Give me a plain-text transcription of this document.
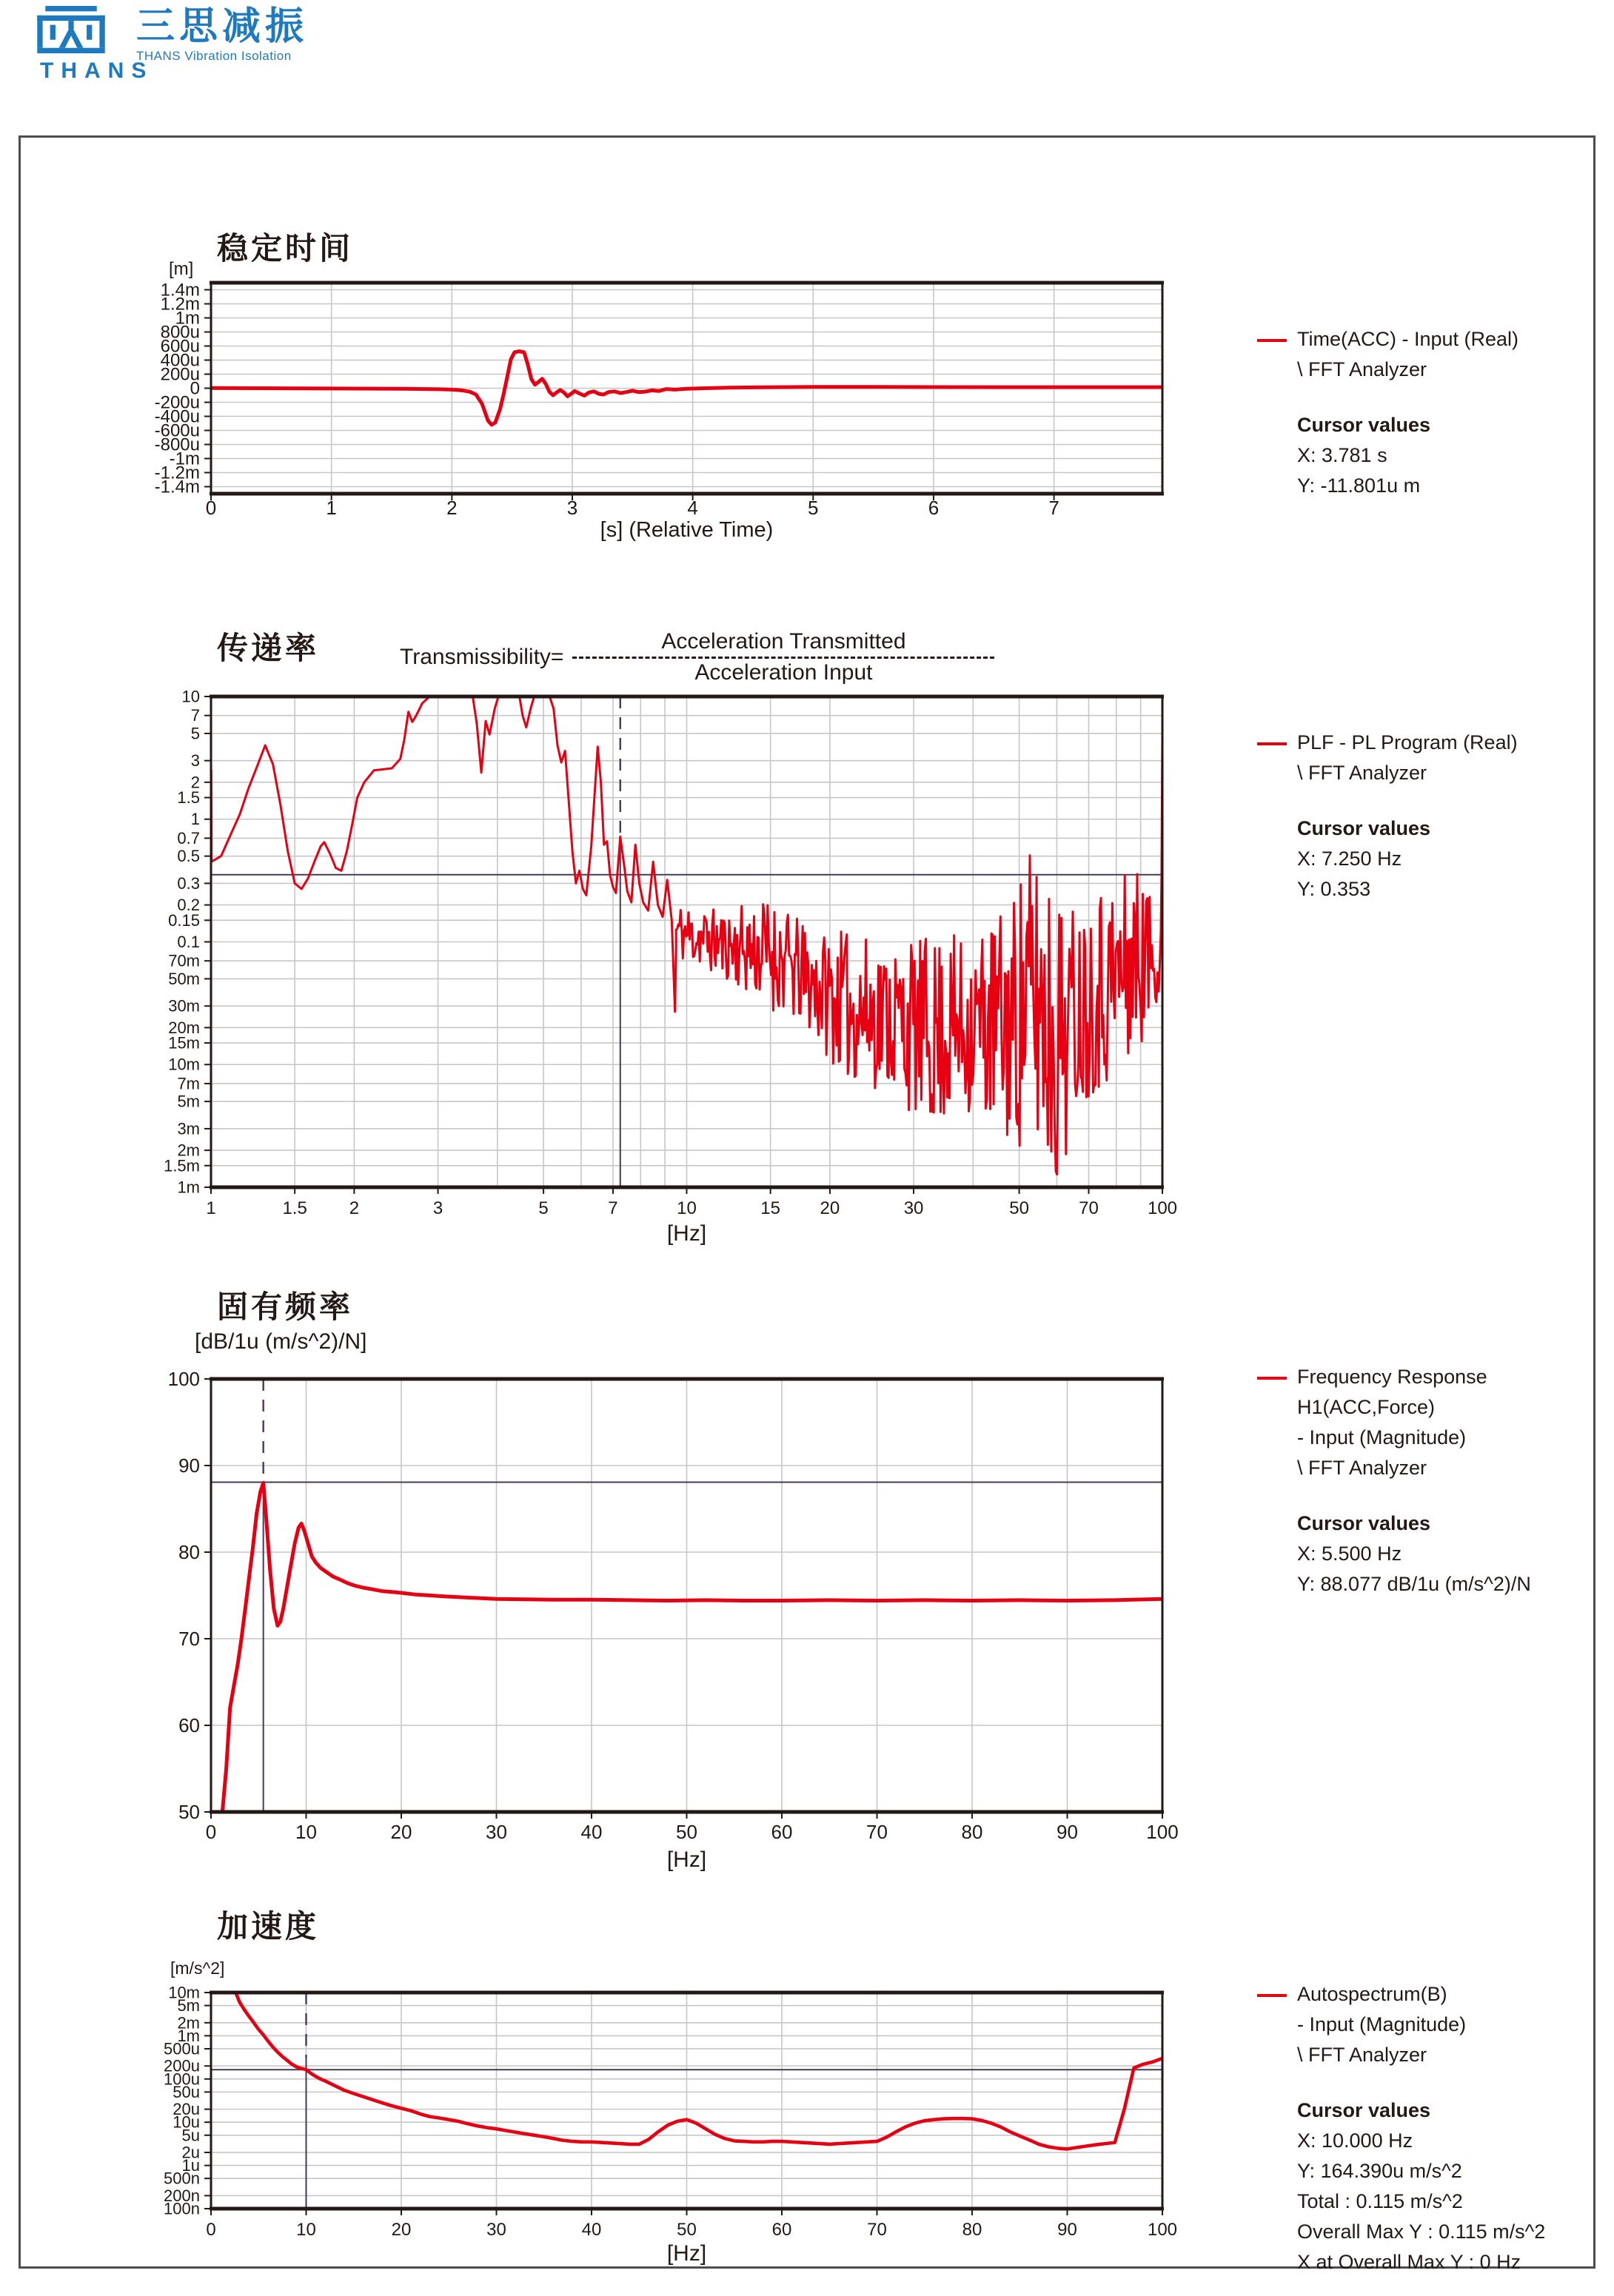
THANS
三思减振
THANS Vibration Isolation
1.4m
1.2m
1m
800u
600u
400u
200u
0
-200u
-400u
-600u
-800u
-1m
-1.2m
-1.4m
0	1	2	3	4	5	6	7
10
7
5
3
2
1.5
1
0.7
0.5
0.3
0.2
0.15
0.1
70m
50m
30m
20m
15m
10m
7m
5m
3m
2m
1.5m
1m
1	1.5 2	3	5	7	10	15 20	30	50	70	100
100
90
80
70
60
50
0	10	20	30	40	50	60	70	80	90	100
10m
5m
2m
1m
500u
200u
100u
50u
20u
10u
5u
2u
1u
500n
200n
100n
0	10	20	30	40	50	60	70	80	90	100
稳定时间
[m]
[s] (Relative Time)
Time(ACC) - Input (Real)
\ FFT Analyzer
Cursor values
X: 3.781 s
Y: -11.801u m
传递率	Transmissibility= $\frac{\text{Acceleration Transmitted}}{\text{Acceleration Input}}$
[Hz]
PLF - PL Program (Real)
\ FFT Analyzer
Cursor values
X: 7.250 Hz
Y: 0.353
固有频率
[dB/1u (m/s^2)/N]
[Hz]
Frequency Response
H1(ACC,Force)
- Input (Magnitude)
\ FFT Analyzer
Cursor values
X: 5.500 Hz
Y: 88.077 dB/1u (m/s^2)/N
加速度
[m/s^2]
[Hz]
Autospectrum(B)
- Input (Magnitude)
\ FFT Analyzer
Cursor values
X: 10.000 Hz
Y: 164.390u m/s^2
Total : 0.115 m/s^2
Overall Max Y : 0.115 m/s^2
X at Overall Max Y : 0 Hz
